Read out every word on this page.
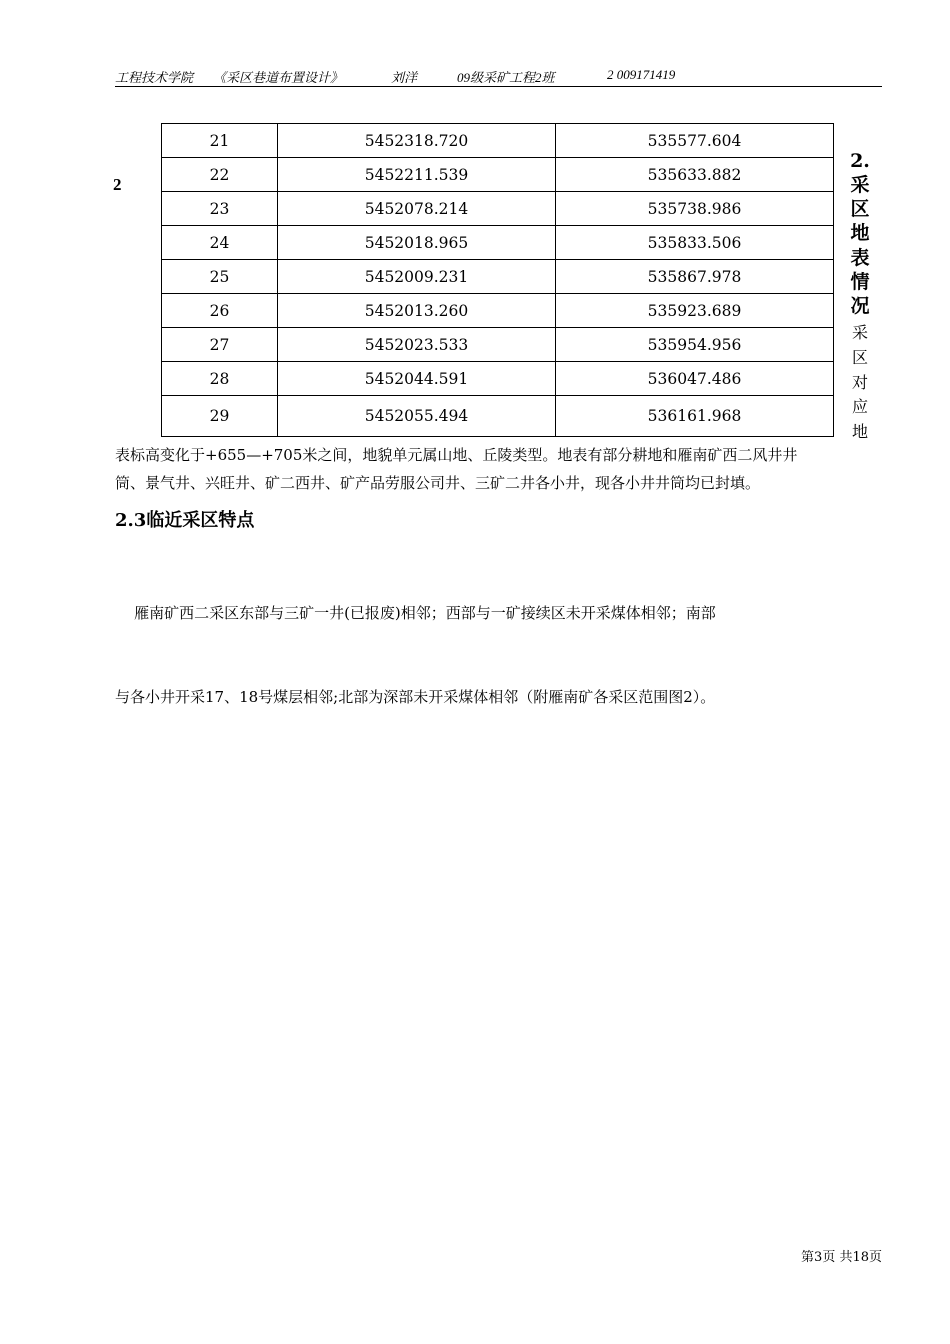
工程技术学院 《采区巷道布置设计》	刘洋	09级采矿工程2班	2 009171419
2
21	5452318.720	535577.604
22	5452211.539	535633.882
23	5452078.214	535738.986
24	5452018.965	535833.506
25	5452009.231	535867.978
26	5452013.260	535923.689
27	5452023.533	535954.956
28	5452044.591	536047.486
29	5452055.494	536161.968
2.
采
区
地
表
情
况
采
区
对
应
地
表标高变化于+655—+705米之间，地貌单元属山地、丘陵类型。地表有部分耕地和雁南矿西二风井井
筒、景气井、兴旺井、矿二西井、矿产品劳服公司井、三矿二井各小井，现各小井井筒均已封填。
2.3临近采区特点

雁南矿西二采区东部与三矿一井(已报废)相邻；西部与一矿接续区未开采煤体相邻；南部

与各小井开采17、18号煤层相邻;北部为深部未开采煤体相邻（附雁南矿各采区范围图2）。

第3页 共18页
